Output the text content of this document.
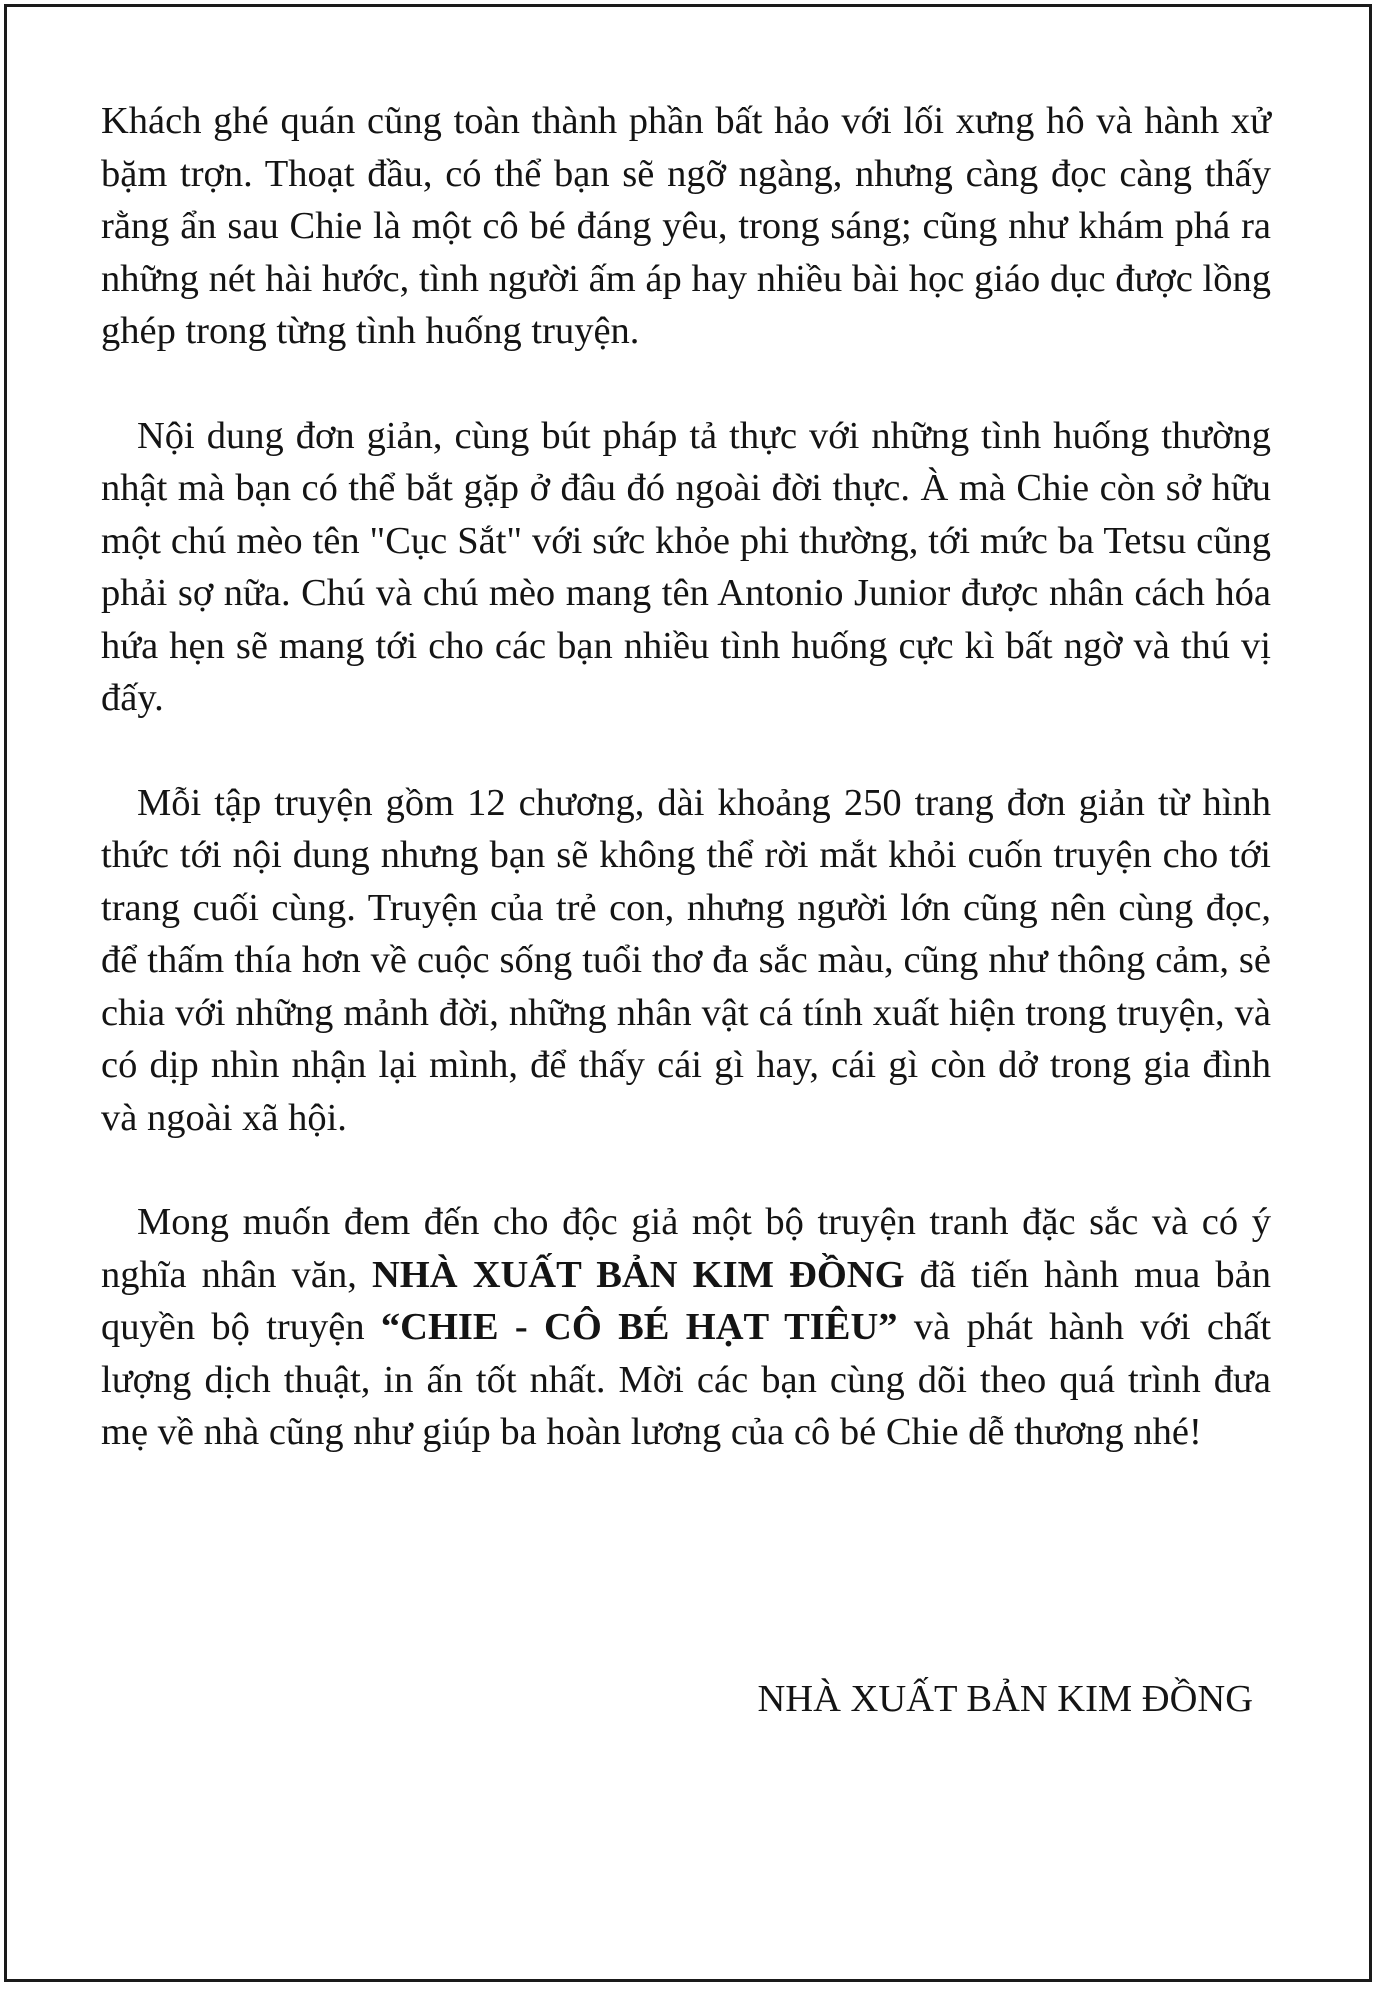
Khách ghé quán cũng toàn thành phần bất hảo với lối xưng hô và hành xử bặm trợn. Thoạt đầu, có thể bạn sẽ ngỡ ngàng, nhưng càng đọc càng thấy rằng ẩn sau Chie là một cô bé đáng yêu, trong sáng; cũng như khám phá ra những nét hài hước, tình người ấm áp hay nhiều bài học giáo dục được lồng ghép trong từng tình huống truyện.

Nội dung đơn giản, cùng bút pháp tả thực với những tình huống thường nhật mà bạn có thể bắt gặp ở đâu đó ngoài đời thực. À mà Chie còn sở hữu một chú mèo tên "Cục Sắt" với sức khỏe phi thường, tới mức ba Tetsu cũng phải sợ nữa. Chú và chú mèo mang tên Antonio Junior được nhân cách hóa hứa hẹn sẽ mang tới cho các bạn nhiều tình huống cực kì bất ngờ và thú vị đấy.

Mỗi tập truyện gồm 12 chương, dài khoảng 250 trang đơn giản từ hình thức tới nội dung nhưng bạn sẽ không thể rời mắt khỏi cuốn truyện cho tới trang cuối cùng. Truyện của trẻ con, nhưng người lớn cũng nên cùng đọc, để thấm thía hơn về cuộc sống tuổi thơ đa sắc màu, cũng như thông cảm, sẻ chia với những mảnh đời, những nhân vật cá tính xuất hiện trong truyện, và có dịp nhìn nhận lại mình, để thấy cái gì hay, cái gì còn dở trong gia đình và ngoài xã hội.

Mong muốn đem đến cho độc giả một bộ truyện tranh đặc sắc và có ý nghĩa nhân văn, NHÀ XUẤT BẢN KIM ĐỒNG đã tiến hành mua bản quyền bộ truyện “CHIE - CÔ BÉ HẠT TIÊU” và phát hành với chất lượng dịch thuật, in ấn tốt nhất. Mời các bạn cùng dõi theo quá trình đưa mẹ về nhà cũng như giúp ba hoàn lương của cô bé Chie dễ thương nhé!

NHÀ XUẤT BẢN KIM ĐỒNG
